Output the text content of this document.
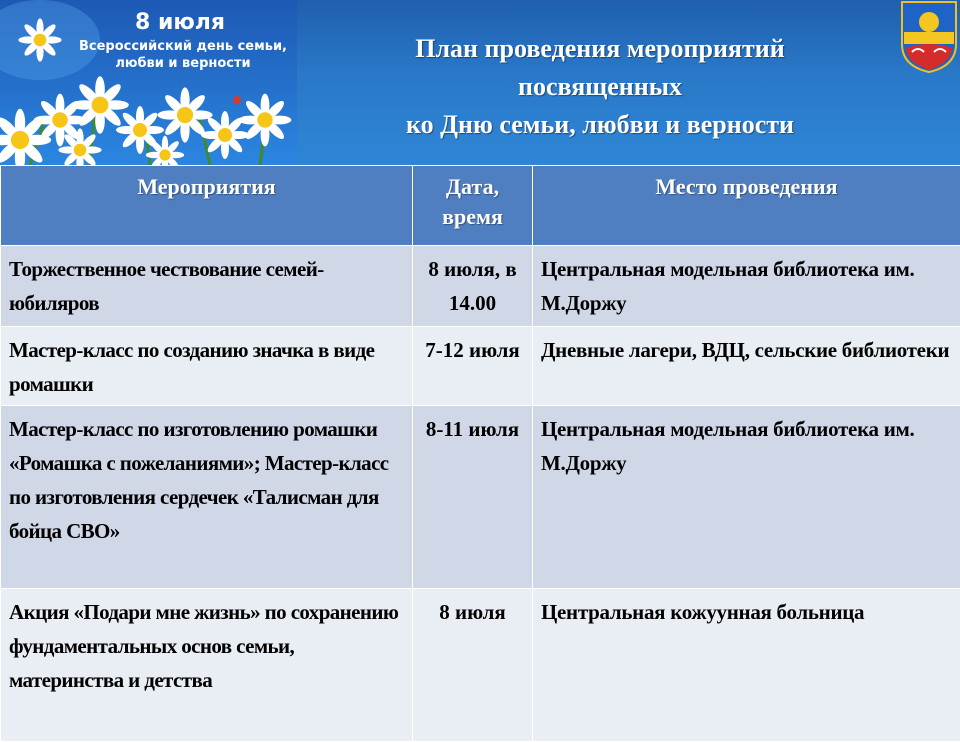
8 июля
Всероссийский день семьи, любви и верности
План проведения мероприятий
посвященных
ко Дню семьи, любви и верности
Мероприятия	Дата, время	Место проведения
Торжественное чествование семей-юбиляров	8 июля, в 14.00	Центральная модельная библиотека им. М.Доржу
Мастер-класс по созданию значка в виде ромашки	7-12 июля	Дневные лагери, ВДЦ, сельские библиотеки
Мастер-класс по изготовлению ромашки «Ромашка с пожеланиями»; Мастер-класс по изготовления сердечек «Талисман для бойца СВО»	8-11 июля	Центральная модельная библиотека им. М.Доржу
Акция «Подари мне жизнь» по сохранению фундаментальных основ семьи, материнства и детства	8 июля	Центральная кожуунная больница
